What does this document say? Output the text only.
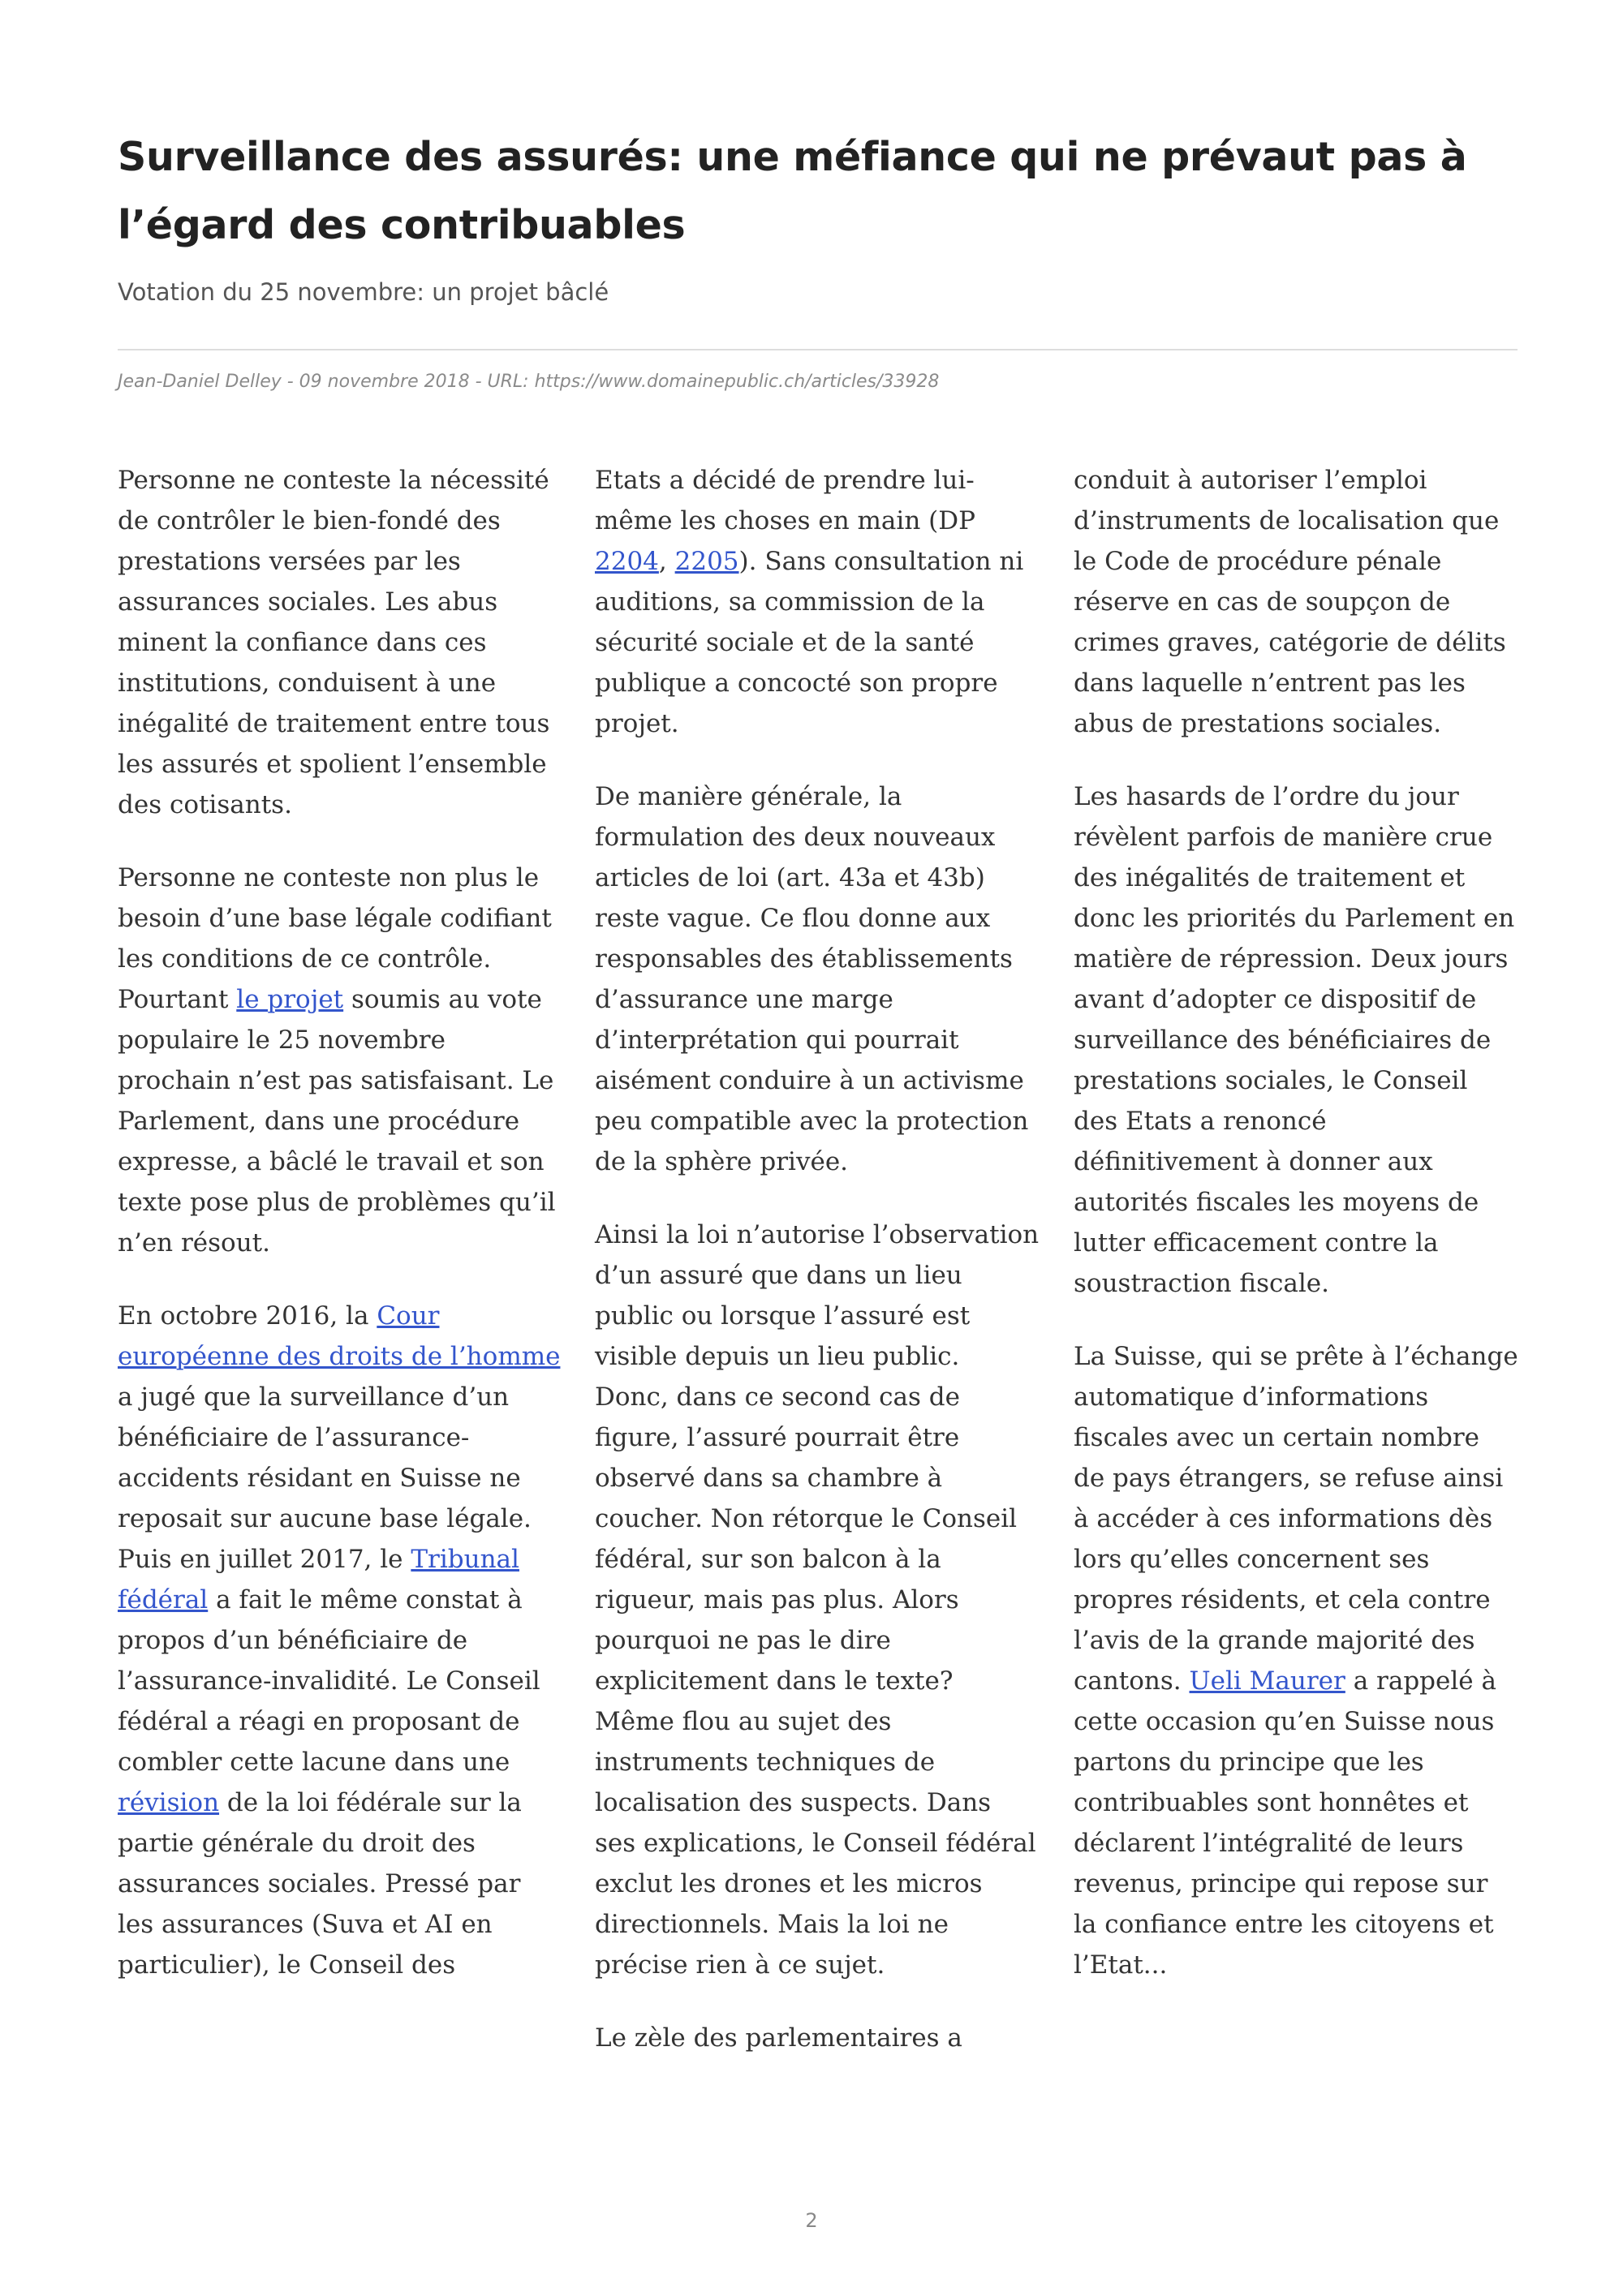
Surveillance des assurés: une méfiance qui ne prévaut pas à l’égard des contribuables

Votation du 25 novembre: un projet bâclé

Jean-Daniel Delley - 09 novembre 2018 - URL: https://www.domainepublic.ch/articles/33928

Personne ne conteste la nécessité de contrôler le bien-fondé des prestations versées par les assurances sociales. Les abus minent la confiance dans ces institutions, conduisent à une inégalité de traitement entre tous les assurés et spolient l’ensemble des cotisants.

Personne ne conteste non plus le besoin d’une base légale codifiant les conditions de ce contrôle. Pourtant le projet soumis au vote populaire le 25 novembre prochain n’est pas satisfaisant. Le Parlement, dans une procédure expresse, a bâclé le travail et son texte pose plus de problèmes qu’il n’en résout.

En octobre 2016, la Cour européenne des droits de l’homme a jugé que la surveillance d’un bénéficiaire de l’assurance-accidents résidant en Suisse ne reposait sur aucune base légale. Puis en juillet 2017, le Tribunal fédéral a fait le même constat à propos d’un bénéficiaire de l’assurance-invalidité. Le Conseil fédéral a réagi en proposant de combler cette lacune dans une révision de la loi fédérale sur la partie générale du droit des assurances sociales. Pressé par les assurances (Suva et AI en particulier), le Conseil des

Etats a décidé de prendre lui-même les choses en main (DP 2204, 2205). Sans consultation ni auditions, sa commission de la sécurité sociale et de la santé publique a concocté son propre projet.

De manière générale, la formulation des deux nouveaux articles de loi (art. 43a et 43b) reste vague. Ce flou donne aux responsables des établissements d’assurance une marge d’interprétation qui pourrait aisément conduire à un activisme peu compatible avec la protection de la sphère privée.

Ainsi la loi n’autorise l’observation d’un assuré que dans un lieu public ou lorsque l’assuré est visible depuis un lieu public. Donc, dans ce second cas de figure, l’assuré pourrait être observé dans sa chambre à coucher. Non rétorque le Conseil fédéral, sur son balcon à la rigueur, mais pas plus. Alors pourquoi ne pas le dire explicitement dans le texte? Même flou au sujet des instruments techniques de localisation des suspects. Dans ses explications, le Conseil fédéral exclut les drones et les micros directionnels. Mais la loi ne précise rien à ce sujet.

Le zèle des parlementaires a

conduit à autoriser l’emploi d’instruments de localisation que le Code de procédure pénale réserve en cas de soupçon de crimes graves, catégorie de délits dans laquelle n’entrent pas les abus de prestations sociales.

Les hasards de l’ordre du jour révèlent parfois de manière crue des inégalités de traitement et donc les priorités du Parlement en matière de répression. Deux jours avant d’adopter ce dispositif de surveillance des bénéficiaires de prestations sociales, le Conseil des Etats a renoncé définitivement à donner aux autorités fiscales les moyens de lutter efficacement contre la soustraction fiscale.

La Suisse, qui se prête à l’échange automatique d’informations fiscales avec un certain nombre de pays étrangers, se refuse ainsi à accéder à ces informations dès lors qu’elles concernent ses propres résidents, et cela contre l’avis de la grande majorité des cantons. Ueli Maurer a rappelé à cette occasion qu’en Suisse nous partons du principe que les contribuables sont honnêtes et déclarent l’intégralité de leurs revenus, principe qui repose sur la confiance entre les citoyens et l’Etat...

2
